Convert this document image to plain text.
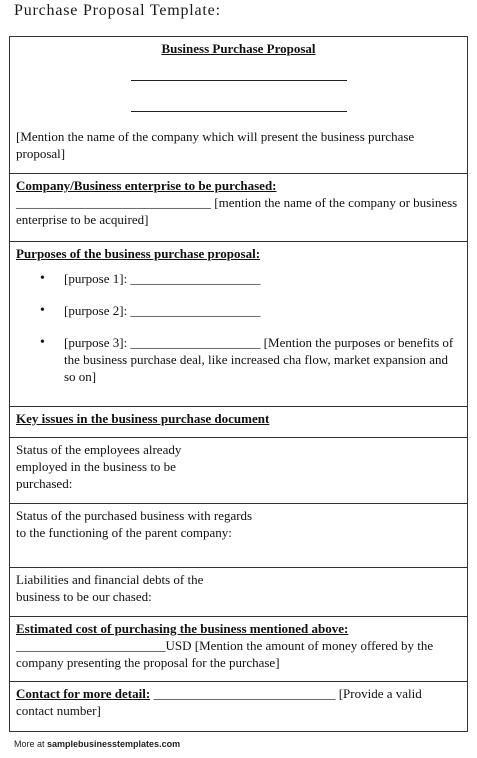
Purchase Proposal Template:
Business Purchase Proposal
[Mention the name of the company which will present the business purchase proposal]
Company/Business enterprise to be purchased:
______________________________ [mention the name of the company or business enterprise to be acquired]
Purposes of the business purchase proposal:
• [purpose 1]: ____________________
• [purpose 2]: ____________________
• [purpose 3]: ____________________ [Mention the purposes or benefits of the business purchase deal, like increased cha flow, market expansion and so on]
Key issues in the business purchase document
Status of the employees already employed in the business to be purchased:
Status of the purchased business with regards to the functioning of the parent company:
Liabilities and financial debts of the business to be our chased:
Estimated cost of purchasing the business mentioned above:
_______________________USD [Mention the amount of money offered by the company presenting the proposal for the purchase]
Contact for more detail: ____________________________ [Provide a valid contact number]
More at samplebusinesstemplates.com
